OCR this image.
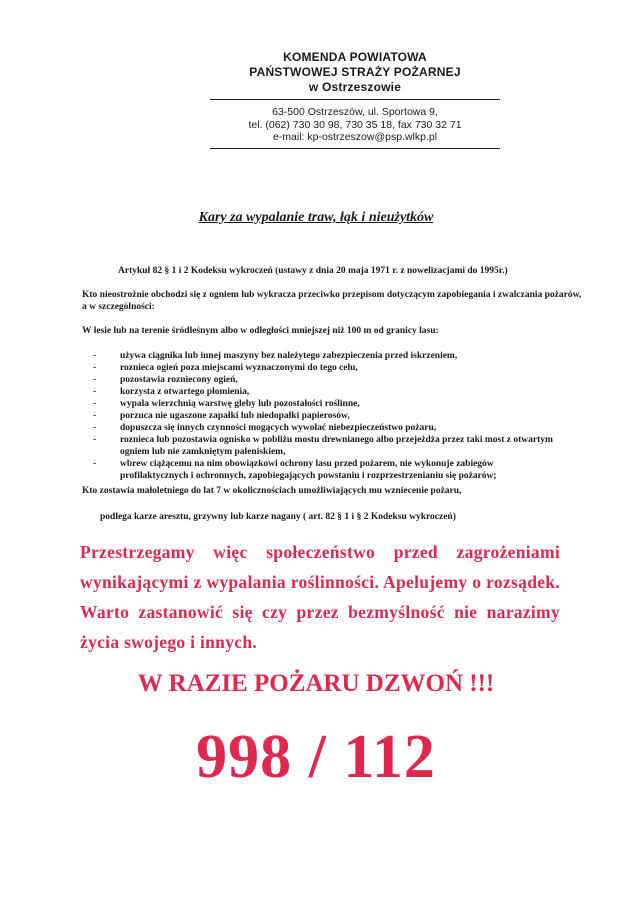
KOMENDA POWIATOWA
PAŃSTWOWEJ STRAŻY POŻARNEJ
w Ostrzeszowie
63-500 Ostrzeszów, ul. Sportowa 9,
tel. (062) 730 30 98, 730 35 18, fax 730 32 71
e-mail: kp-ostrzeszow@psp.wlkp.pl
Kary za wypalanie traw, łąk i nieużytków
Artykuł 82 § 1 i 2 Kodeksu wykroczeń (ustawy z dnia 20 maja 1971 r. z nowelizacjami do 1995r.)
Kto nieostrożnie obchodzi się z ogniem lub wykracza przeciwko przepisom dotyczącym zapobiegania i zwalczania pożarów, a w szczególności:
W lesie lub na terenie śródleśnym albo w odległości mniejszej niż 100 m od granicy lasu:
- używa ciągnika lub innej maszyny bez należytego zabezpieczenia przed iskrzeniem,
- roznieca ogień poza miejscami wyznaczonymi do tego celu,
- pozostawia rozniecony ogień,
- korzysta z otwartego płomienia,
- wypala wierzchnią warstwę gleby lub pozostałości roślinne,
- porzuca nie ugaszone zapałki lub niedopałki papierosów,
- dopuszcza się innych czynności mogących wywołać niebezpieczeństwo pożaru,
- roznieca lub pozostawia ognisko w pobliżu mostu drewnianego albo przejeżdża przez taki most z otwartym ogniem lub nie zamkniętym paleniskiem,
- wbrew ciążącemu na nim obowiązkowi ochrony lasu przed pożarem, nie wykonuje zabiegów profilaktycznych i ochronnych, zapobiegających powstaniu i rozprzestrzenianiu się pożarów;
Kto zostawia małoletniego do lat 7 w okolicznościach umożliwiających mu wzniecenie pożaru,
podlega karze aresztu, grzywny lub karze nagany ( art. 82 § 1 i § 2 Kodeksu wykroczeń)
Przestrzegamy więc społeczeństwo przed zagrożeniami wynikającymi z wypalania roślinności. Apelujemy o rozsądek. Warto zastanowić się czy przez bezmyślność nie narazimy życia swojego i innych.
W RAZIE POŻARU DZWOŃ !!!
998 / 112
